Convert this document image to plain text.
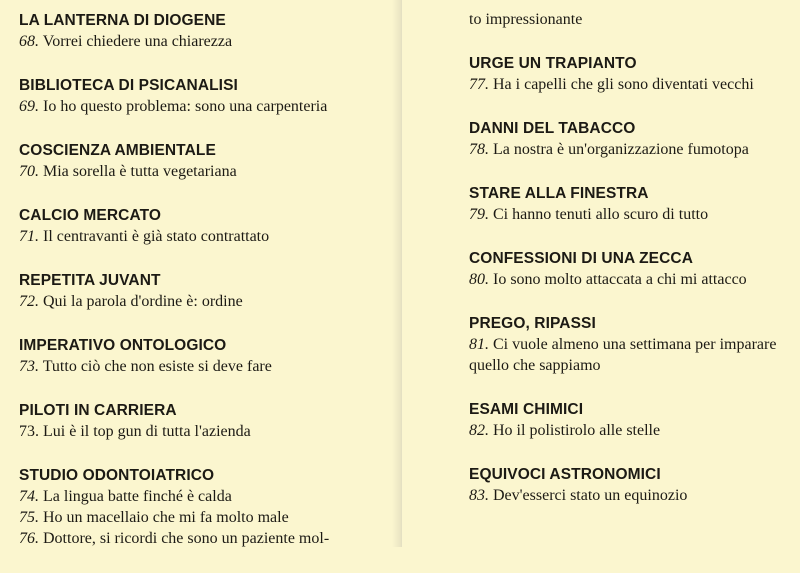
LA LANTERNA DI DIOGENE
68. Vorrei chiedere una chiarezza
BIBLIOTECA DI PSICANALISI
69. Io ho questo problema: sono una carpenteria
COSCIENZA AMBIENTALE
70. Mia sorella è tutta vegetariana
CALCIO MERCATO
71. Il centravanti è già stato contrattato
REPETITA JUVANT
72. Qui la parola d'ordine è: ordine
IMPERATIVO ONTOLOGICO
73. Tutto ciò che non esiste si deve fare
PILOTI IN CARRIERA
73. Lui è il top gun di tutta l'azienda
STUDIO ODONTOIATRICO
74. La lingua batte finché è calda
75. Ho un macellaio che mi fa molto male
76. Dottore, si ricordi che sono un paziente mol-
to impressionante
URGE UN TRAPIANTO
77. Ha i capelli che gli sono diventati vecchi
DANNI DEL TABACCO
78. La nostra è un'organizzazione fumotopa
STARE ALLA FINESTRA
79. Ci hanno tenuti allo scuro di tutto
CONFESSIONI DI UNA ZECCA
80. Io sono molto attaccata a chi mi attacco
PREGO, RIPASSI
81. Ci vuole almeno una settimana per imparare
quello che sappiamo
ESAMI CHIMICI
82. Ho il polistirolo alle stelle
EQUIVOCI ASTRONOMICI
83. Dev'esserci stato un equinozio
